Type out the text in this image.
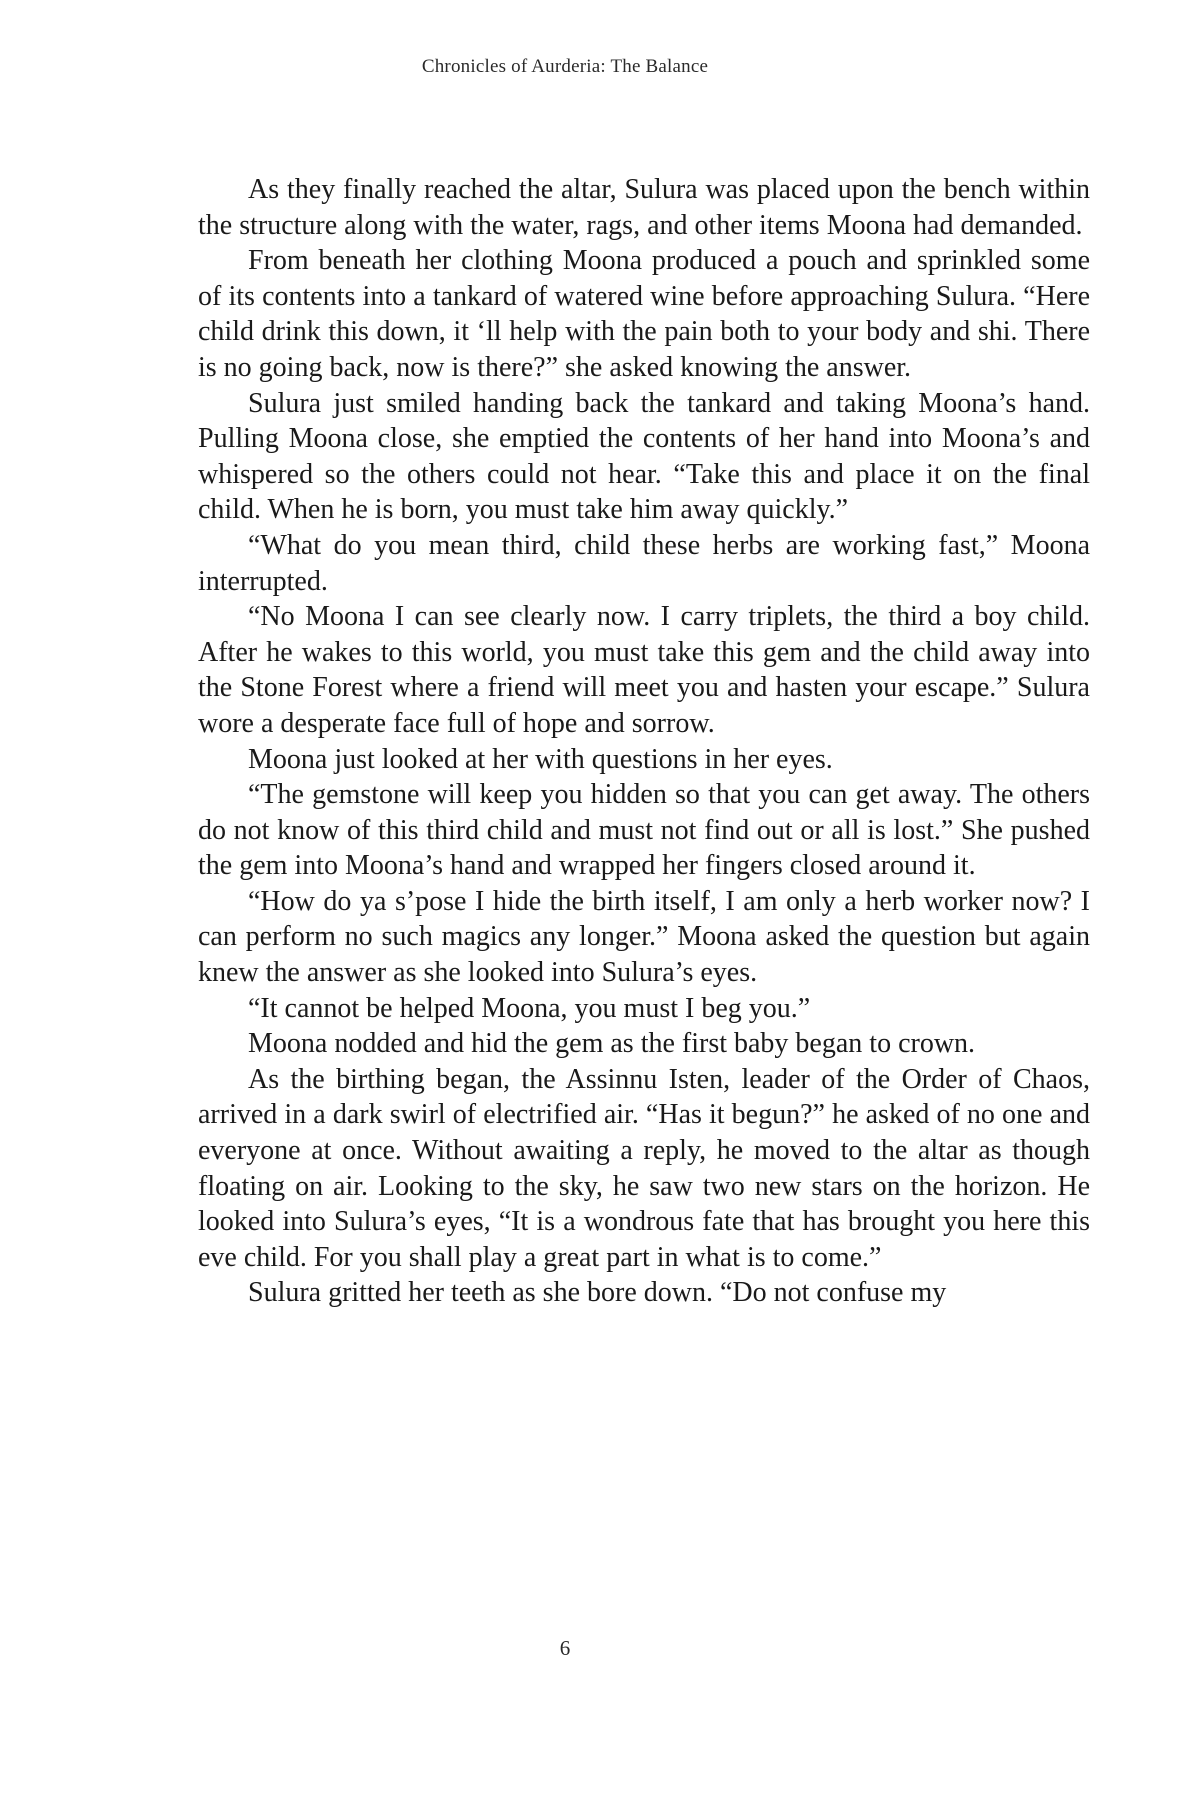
Chronicles of Aurderia: The Balance

As they finally reached the altar, Sulura was placed upon the bench within the structure along with the water, rags, and other items Moona had demanded.

From beneath her clothing Moona produced a pouch and sprinkled some of its contents into a tankard of watered wine before approaching Sulura. “Here child drink this down, it ‘ll help with the pain both to your body and shi. There is no going back, now is there?” she asked knowing the answer.

Sulura just smiled handing back the tankard and taking Moona’s hand. Pulling Moona close, she emptied the contents of her hand into Moona’s and whispered so the others could not hear. “Take this and place it on the final child. When he is born, you must take him away quickly.”

“What do you mean third, child these herbs are working fast,” Moona interrupted.

“No Moona I can see clearly now. I carry triplets, the third a boy child. After he wakes to this world, you must take this gem and the child away into the Stone Forest where a friend will meet you and hasten your escape.” Sulura wore a desperate face full of hope and sorrow.

Moona just looked at her with questions in her eyes.

“The gemstone will keep you hidden so that you can get away. The others do not know of this third child and must not find out or all is lost.” She pushed the gem into Moona’s hand and wrapped her fingers closed around it.

“How do ya s’pose I hide the birth itself, I am only a herb worker now? I can perform no such magics any longer.” Moona asked the question but again knew the answer as she looked into Sulura’s eyes.

“It cannot be helped Moona, you must I beg you.”

Moona nodded and hid the gem as the first baby began to crown.

As the birthing began, the Assinnu Isten, leader of the Order of Chaos, arrived in a dark swirl of electrified air. “Has it begun?” he asked of no one and everyone at once. Without awaiting a reply, he moved to the altar as though floating on air. Looking to the sky, he saw two new stars on the horizon. He looked into Sulura’s eyes, “It is a wondrous fate that has brought you here this eve child. For you shall play a great part in what is to come.”

Sulura gritted her teeth as she bore down. “Do not confuse my

6
